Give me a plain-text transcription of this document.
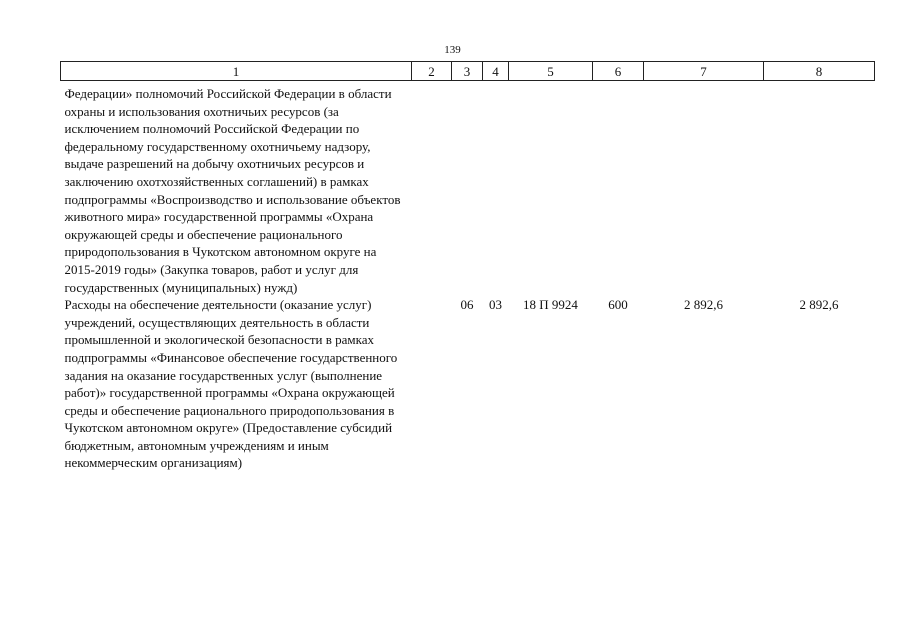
139
1	2	3	4	5	6	7	8
Федерации» полномочий Российской Федерации в области охраны и использования охотничьих ресурсов (за исключением полномочий Российской Федерации по федеральному государственному охотничьему надзору, выдаче разрешений на добычу охотничьих ресурсов и заключению охотхозяйственных соглашений) в рамках подпрограммы «Воспроизводство и использование объектов животного мира» государственной программы «Охрана окружающей среды и обеспечение рационального природопользования в Чукотском автономном округе на 2015-2019 годы» (Закупка товаров, работ и услуг для государственных (муниципальных) нужд)							
Расходы на обеспечение деятельности (оказание услуг) учреждений, осуществляющих деятельность в области промышленной и экологической безопасности в рамках подпрограммы «Финансовое обеспечение государственного задания на оказание государственных услуг (выполнение работ)» государственной программы «Охрана окружающей среды и обеспечение рационального природопользования в Чукотском автономном округе» (Предоставление субсидий бюджетным, автономным учреждениям и иным некоммерческим организациям)		06	03	18 П 9924	600	2 892,6	2 892,6
